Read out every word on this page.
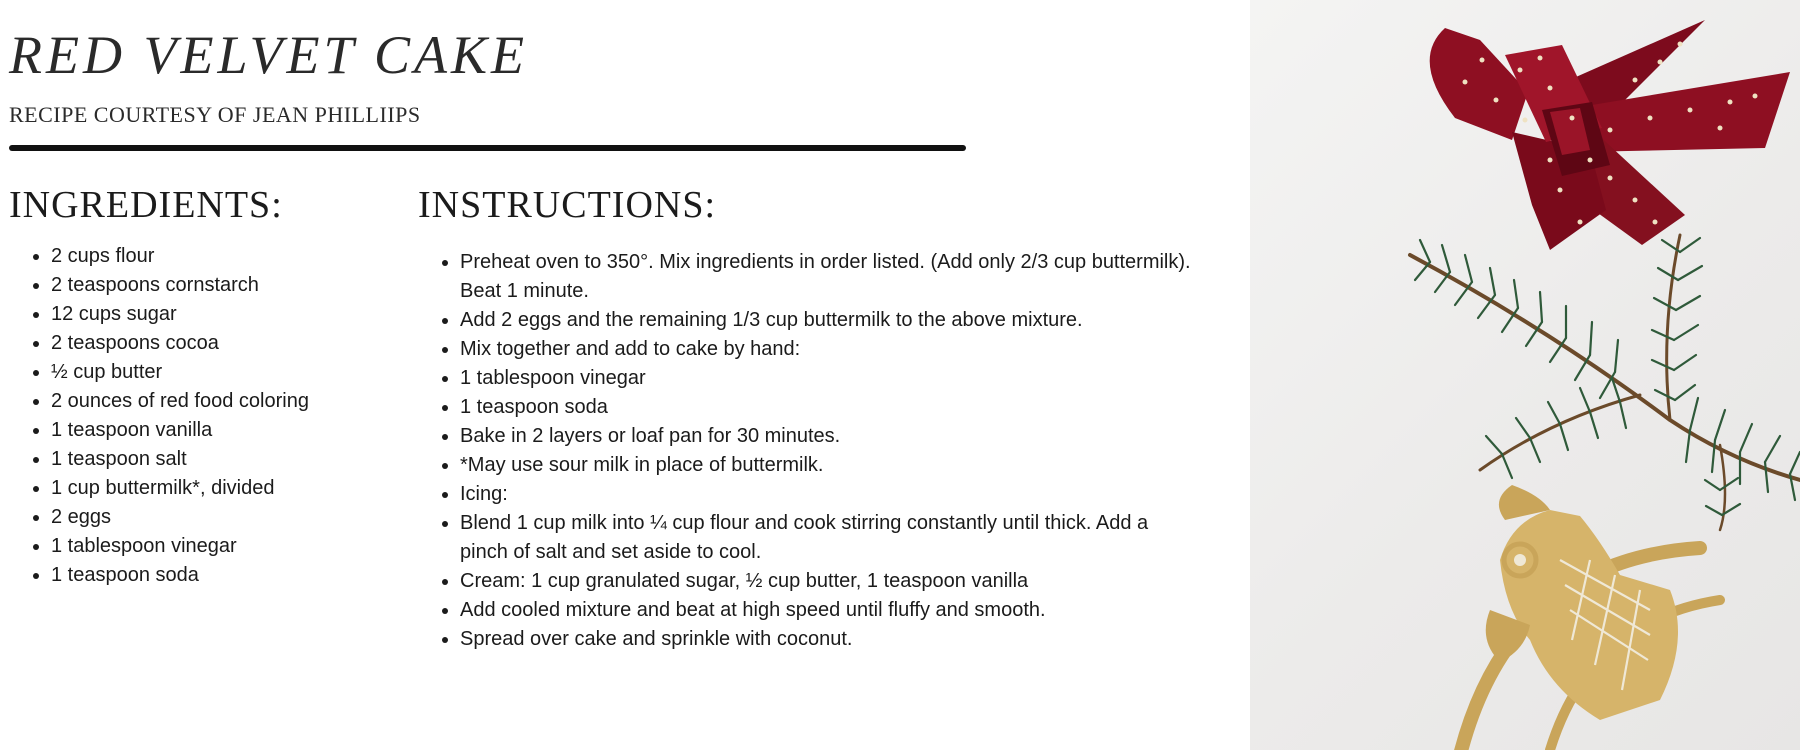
RED VELVET CAKE

RECIPE COURTESY OF JEAN PHILLIIPS

INGREDIENTS:
• 2 cups flour
• 2 teaspoons cornstarch
• 12 cups sugar
• 2 teaspoons cocoa
• ½ cup butter
• 2 ounces of red food coloring
• 1 teaspoon vanilla
• 1 teaspoon salt
• 1 cup buttermilk*, divided
• 2 eggs
• 1 tablespoon vinegar
• 1 teaspoon soda
INSTRUCTIONS:
• Preheat oven to 350°. Mix ingredients in order listed. (Add only 2/3 cup buttermilk). Beat 1 minute.
• Add 2 eggs and the remaining 1/3 cup buttermilk to the above mixture.
• Mix together and add to cake by hand:
• 1 tablespoon vinegar
• 1 teaspoon soda
• Bake in 2 layers or loaf pan for 30 minutes.
• *May use sour milk in place of buttermilk.
• Icing:
• Blend 1 cup milk into ¼ cup flour and cook stirring constantly until thick. Add a pinch of salt and set aside to cool.
• Cream: 1 cup granulated sugar, ½ cup butter, 1 teaspoon vanilla
• Add cooled mixture and beat at high speed until fluffy and smooth.
• Spread over cake and sprinkle with coconut.
